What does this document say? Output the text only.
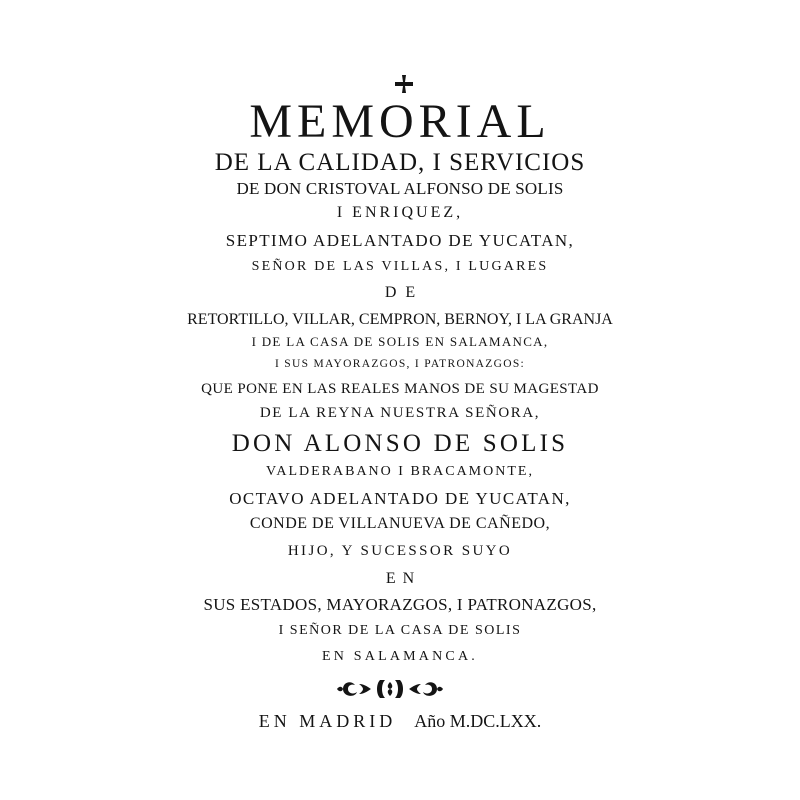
MEMORIAL
DE LA CALIDAD, I SERVICIOS
DE DON CRISTOVAL ALFONSO DE SOLIS
I ENRIQUEZ,
SEPTIMO ADELANTADO DE YUCATAN,
SEÑOR DE LAS VILLAS, I LUGARES
DE
RETORTILLO, VILLAR, CEMPRON, BERNOY, I LA GRANJA
I DE LA CASA DE SOLIS EN SALAMANCA,
I SUS MAYORAZGOS, I PATRONAZGOS:
QUE PONE EN LAS REALES MANOS DE SU MAGESTAD
DE LA REYNA NUESTRA SEÑORA,
DON ALONSO DE SOLIS
VALDERABANO I BRACAMONTE,
OCTAVO ADELANTADO DE YUCATAN,
CONDE DE VILLANUEVA DE CAÑEDO,
HIJO, Y SUCESSOR SUYO
EN
SUS ESTADOS, MAYORAZGOS, I PATRONAZGOS,
I SEÑOR DE LA CASA DE SOLIS
EN SALAMANCA.
EN MADRID Año M.DC.LXX.
